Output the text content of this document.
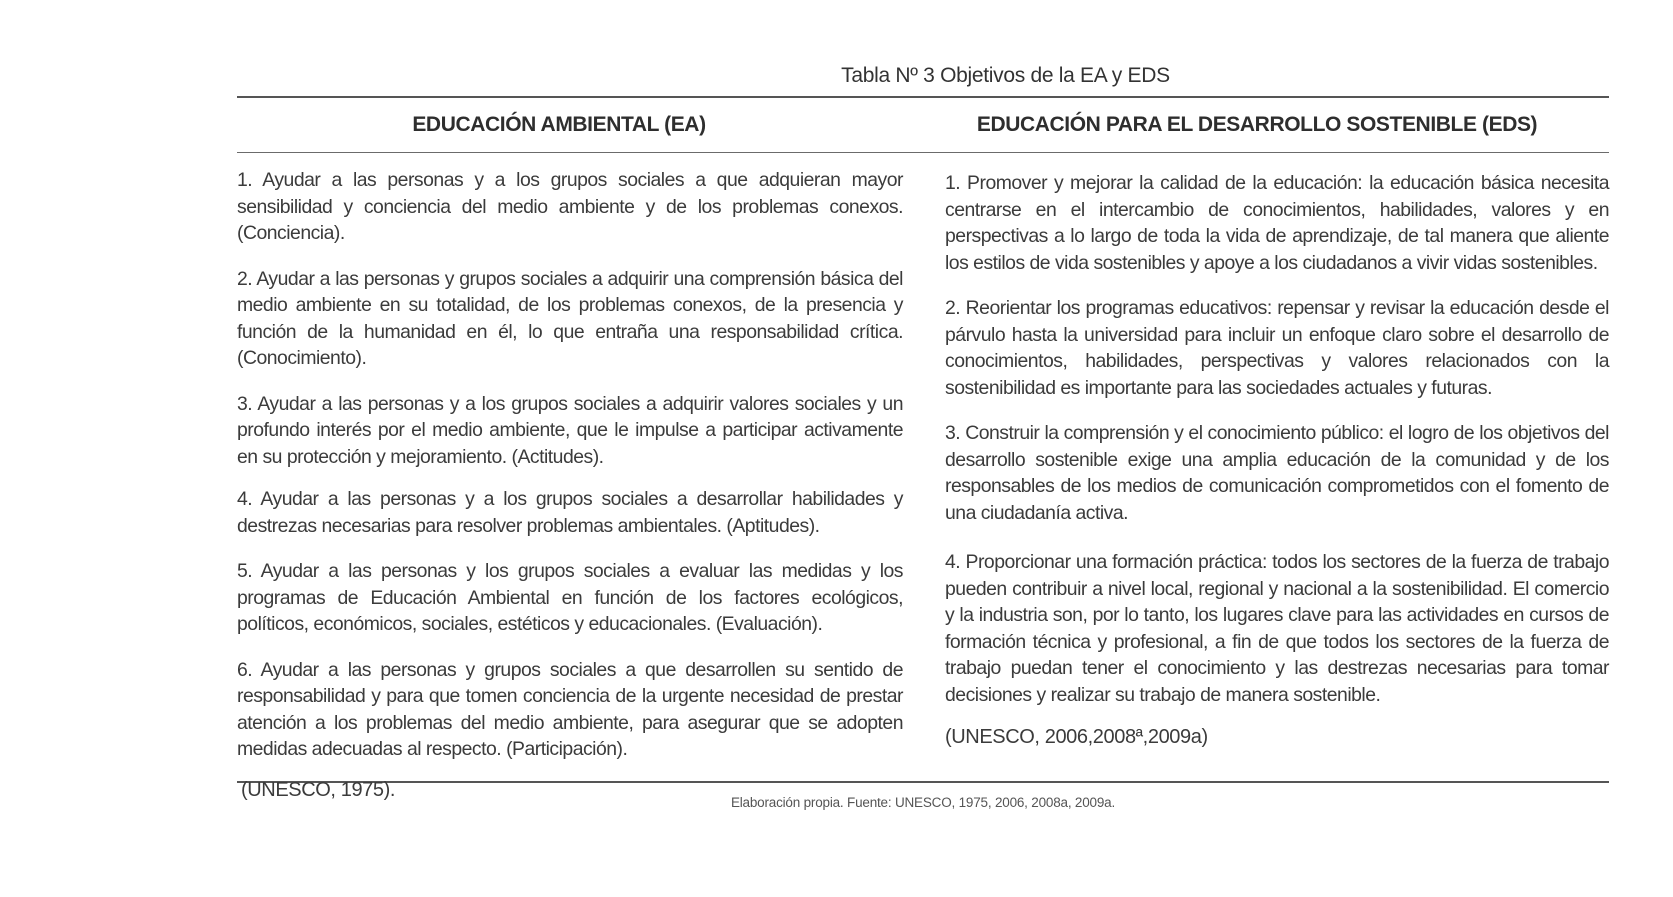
Tabla Nº 3 Objetivos de la EA y EDS
EDUCACIÓN AMBIENTAL (EA)	EDUCACIÓN PARA EL DESARROLLO SOSTENIBLE (EDS)

1. Ayudar a las personas y a los grupos sociales a que adquieran mayor sensibilidad y conciencia del medio ambiente y de los problemas conexos. (Conciencia).

2. Ayudar a las personas y grupos sociales a adquirir una comprensión básica del medio ambiente en su totalidad, de los problemas conexos, de la presencia y función de la humanidad en él, lo que entraña una responsabilidad crítica. (Conocimiento).

3. Ayudar a las personas y a los grupos sociales a adquirir valores sociales y un profundo interés por el medio ambiente, que le impulse a participar activamente en su protección y mejoramiento. (Actitudes).

4. Ayudar a las personas y a los grupos sociales a desarrollar habilidades y destrezas necesarias para resolver problemas ambientales. (Aptitudes).

5. Ayudar a las personas y los grupos sociales a evaluar las medidas y los programas de Educación Ambiental en función de los factores ecológicos, políticos, económicos, sociales, estéticos y educacionales. (Evaluación).

6. Ayudar a las personas y grupos sociales a que desarrollen su sentido de responsabilidad y para que tomen conciencia de la urgente necesidad de prestar atención a los problemas del medio ambiente, para asegurar que se adopten medidas adecuadas al respecto. (Participación).

(UNESCO, 1975).

1. Promover y mejorar la calidad de la educación: la educación básica necesita centrarse en el intercambio de conocimientos, habilidades, valores y en perspectivas a lo largo de toda la vida de aprendizaje, de tal manera que aliente los estilos de vida sostenibles y apoye a los ciudadanos a vivir vidas sostenibles.

2. Reorientar los programas educativos: repensar y revisar la educación desde el párvulo hasta la universidad para incluir un enfoque claro sobre el desarrollo de conocimientos, habilidades, perspectivas y valores relacionados con la sostenibilidad es importante para las sociedades actuales y futuras.

3. Construir la comprensión y el conocimiento público: el logro de los objetivos del desarrollo sostenible exige una amplia educación de la comunidad y de los responsables de los medios de comunicación comprometidos con el fomento de una ciudadanía activa.

4. Proporcionar una formación práctica: todos los sectores de la fuerza de trabajo pueden contribuir a nivel local, regional y nacional a la sostenibilidad. El comercio y la industria son, por lo tanto, los lugares clave para las actividades en cursos de formación técnica y profesional, a fin de que todos los sectores de la fuerza de trabajo puedan tener el conocimiento y las destrezas necesarias para tomar decisiones y realizar su trabajo de manera sostenible.

(UNESCO, 2006,2008ª,2009a)
Elaboración propia. Fuente: UNESCO, 1975, 2006, 2008a, 2009a.
